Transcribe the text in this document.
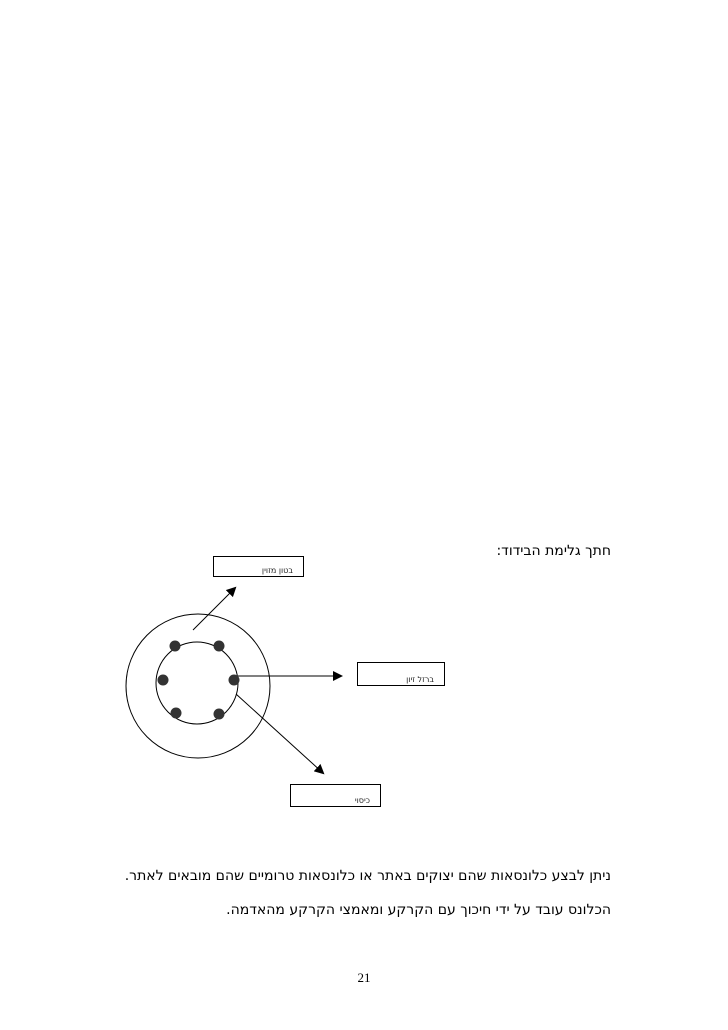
בטון מזוין
ברזל זיון
כיסוי
חתך גלימת הבידוד:
ניתן לבצע כלונסאות שהם יצוקים באתר או כלונסאות טרומיים שהם מובאים לאתר.
הכלונס עובד על ידי חיכוך עם הקרקע ומאמצי הקרקע מהאדמה.
21
